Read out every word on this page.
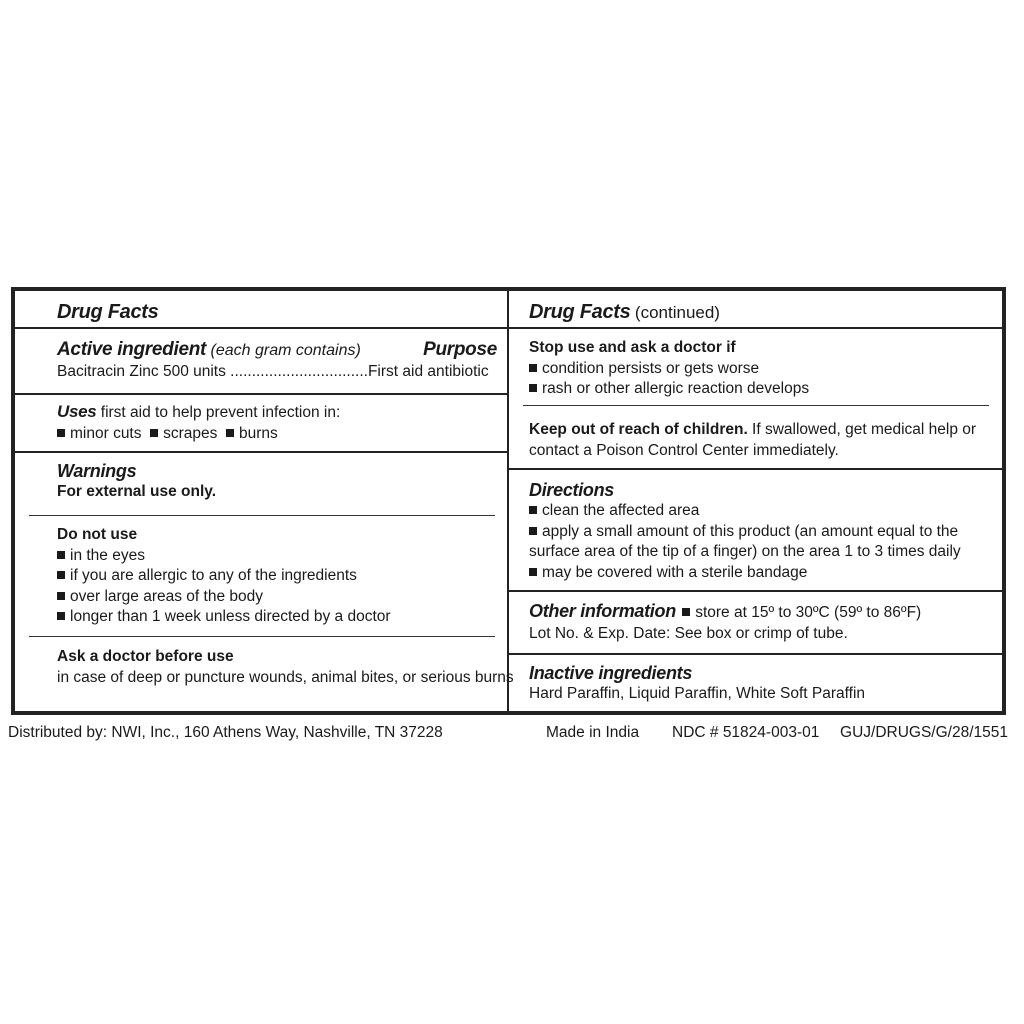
Drug Facts
Active ingredient (each gram contains)	Purpose
Bacitracin Zinc 500 units ................................First aid antibiotic
Uses first aid to help prevent infection in:
minor cuts scrapes burns
Warnings
For external use only.
Do not use
in the eyes
if you are allergic to any of the ingredients
over large areas of the body
longer than 1 week unless directed by a doctor
Ask a doctor before use
in case of deep or puncture wounds, animal bites, or serious burns
Drug Facts (continued)
Stop use and ask a doctor if
condition persists or gets worse
rash or other allergic reaction develops
Keep out of reach of children. If swallowed, get medical help or
contact a Poison Control Center immediately.
Directions
clean the affected area
apply a small amount of this product (an amount equal to the
surface area of the tip of a finger) on the area 1 to 3 times daily
may be covered with a sterile bandage
Other information store at 15º to 30ºC (59º to 86ºF)
Lot No. & Exp. Date: See box or crimp of tube.
Inactive ingredients
Hard Paraffin, Liquid Paraffin, White Soft Paraffin
Distributed by: NWI, Inc., 160 Athens Way, Nashville, TN 37228	Made in India NDC # 51824-003-01 GUJ/DRUGS/G/28/1551
